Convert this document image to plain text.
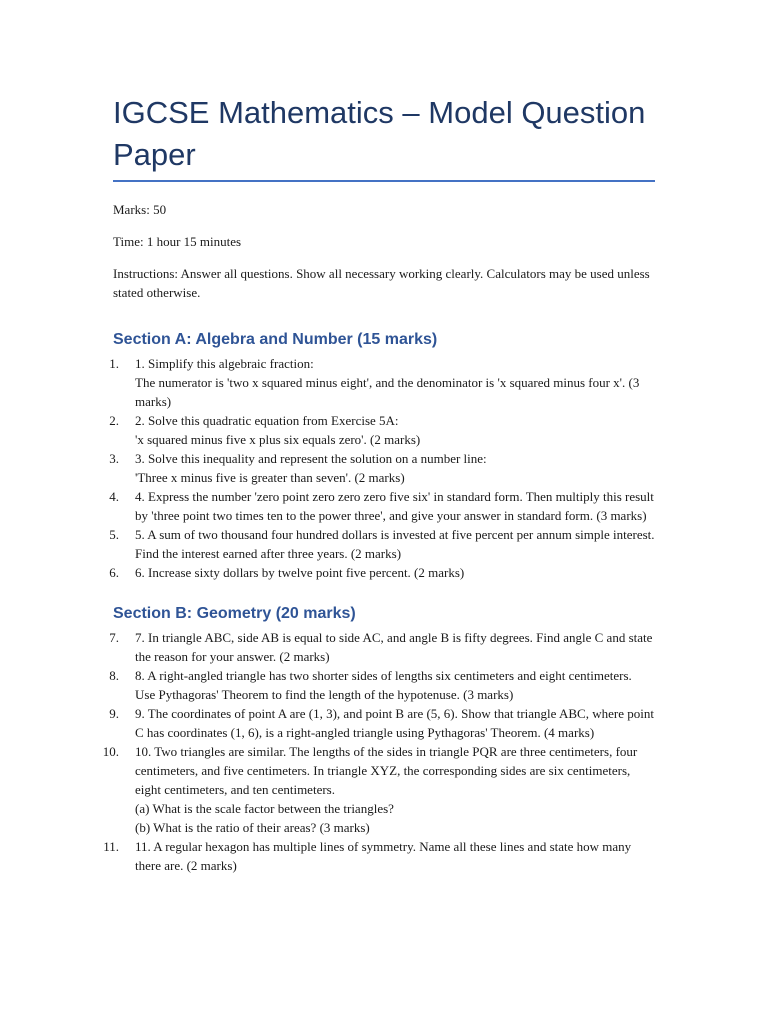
IGCSE Mathematics – Model Question Paper

Marks: 50

Time: 1 hour 15 minutes

Instructions: Answer all questions. Show all necessary working clearly. Calculators may be used unless stated otherwise.

Section A: Algebra and Number (15 marks)
1. 1. Simplify this algebraic fraction:
The numerator is 'two x squared minus eight', and the denominator is 'x squared minus four x'. (3 marks)
2. 2. Solve this quadratic equation from Exercise 5A:
'x squared minus five x plus six equals zero'. (2 marks)
3. 3. Solve this inequality and represent the solution on a number line:
'Three x minus five is greater than seven'. (2 marks)
4. 4. Express the number 'zero point zero zero zero five six' in standard form. Then multiply this result by 'three point two times ten to the power three', and give your answer in standard form. (3 marks)
5. 5. A sum of two thousand four hundred dollars is invested at five percent per annum simple interest. Find the interest earned after three years. (2 marks)
6. 6. Increase sixty dollars by twelve point five percent. (2 marks)
Section B: Geometry (20 marks)
7. 7. In triangle ABC, side AB is equal to side AC, and angle B is fifty degrees. Find angle C and state the reason for your answer. (2 marks)
8. 8. A right-angled triangle has two shorter sides of lengths six centimeters and eight centimeters. Use Pythagoras' Theorem to find the length of the hypotenuse. (3 marks)
9. 9. The coordinates of point A are (1, 3), and point B are (5, 6). Show that triangle ABC, where point C has coordinates (1, 6), is a right-angled triangle using Pythagoras' Theorem. (4 marks)
10. 10. Two triangles are similar. The lengths of the sides in triangle PQR are three centimeters, four centimeters, and five centimeters. In triangle XYZ, the corresponding sides are six centimeters, eight centimeters, and ten centimeters.
(a) What is the scale factor between the triangles?
(b) What is the ratio of their areas? (3 marks)
11. 11. A regular hexagon has multiple lines of symmetry. Name all these lines and state how many there are. (2 marks)
